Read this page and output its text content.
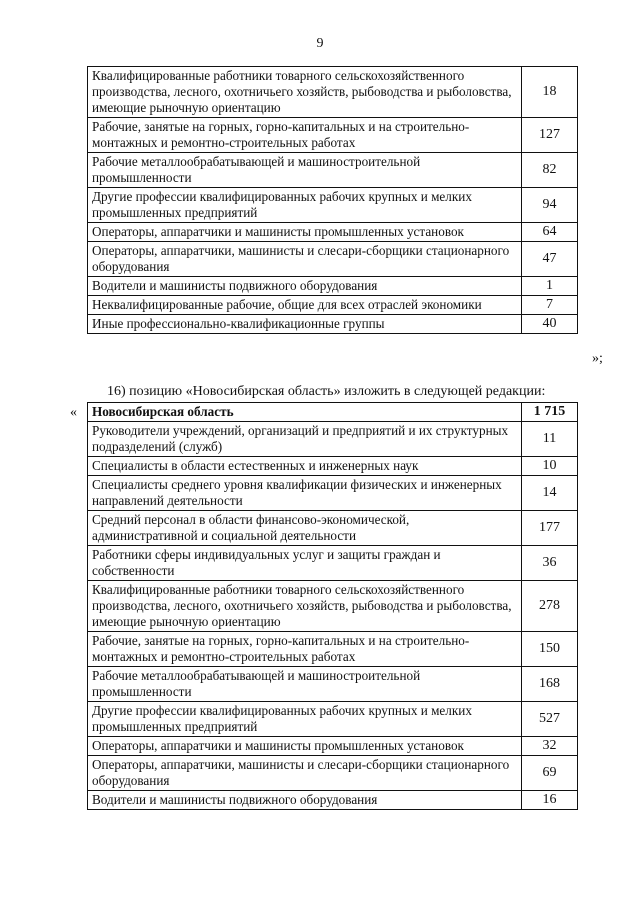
9
Квалифицированные работники товарного сельскохозяйственного производства, лесного, охотничьего хозяйств, рыбоводства и рыболовства, имеющие рыночную ориентацию	18
Рабочие, занятые на горных, горно-капитальных и на строительно-монтажных и ремонтно-строительных работах	127
Рабочие металлообрабатывающей и машиностроительной промышленности	82
Другие профессии квалифицированных рабочих крупных и мелких промышленных предприятий	94
Операторы, аппаратчики и машинисты промышленных установок	64
Операторы, аппаратчики, машинисты и слесари-сборщики стационарного оборудования	47
Водители и машинисты подвижного оборудования	1
Неквалифицированные рабочие, общие для всех отраслей экономики	7
Иные профессионально-квалификационные группы	40
»;
16) позицию «Новосибирская область» изложить в следующей редакции:
« Новосибирская область	1 715
Руководители учреждений, организаций и предприятий и их структурных подразделений (служб)	11
Специалисты в области естественных и инженерных наук	10
Специалисты среднего уровня квалификации физических и инженерных направлений деятельности	14
Средний персонал в области финансово-экономической, административной и социальной деятельности	177
Работники сферы индивидуальных услуг и защиты граждан и собственности	36
Квалифицированные работники товарного сельскохозяйственного производства, лесного, охотничьего хозяйств, рыбоводства и рыболовства, имеющие рыночную ориентацию	278
Рабочие, занятые на горных, горно-капитальных и на строительно-монтажных и ремонтно-строительных работах	150
Рабочие металлообрабатывающей и машиностроительной промышленности	168
Другие профессии квалифицированных рабочих крупных и мелких промышленных предприятий	527
Операторы, аппаратчики и машинисты промышленных установок	32
Операторы, аппаратчики, машинисты и слесари-сборщики стационарного оборудования	69
Водители и машинисты подвижного оборудования	16
